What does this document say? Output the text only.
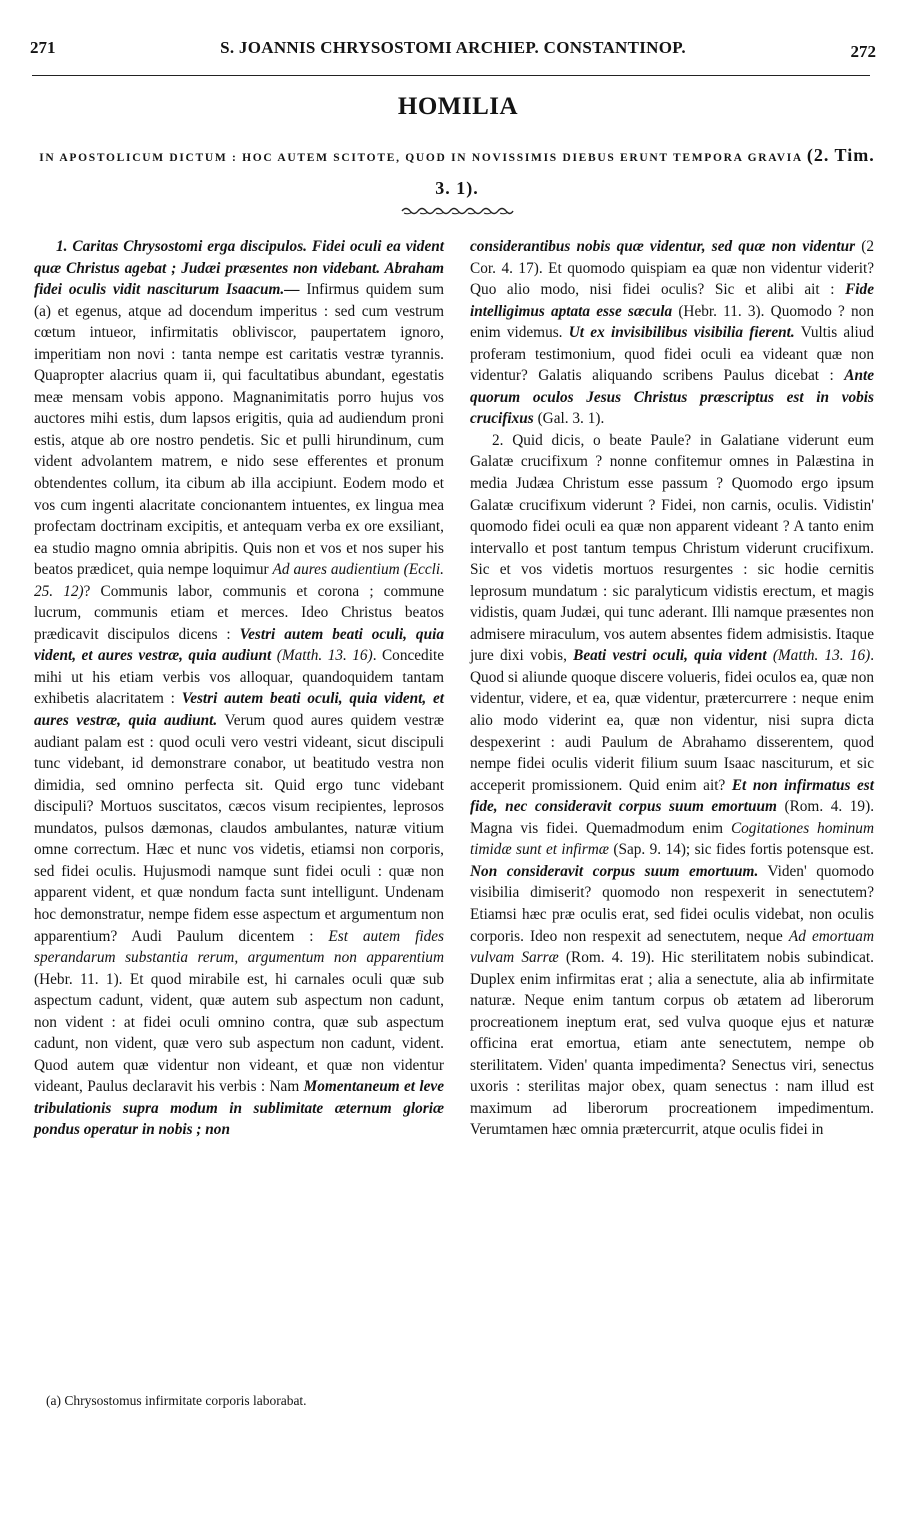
271	S. JOANNIS CHRYSOSTOMI ARCHIEP. CONSTANTINOP.	272
HOMILIA
IN APOSTOLICUM DICTUM : HOC AUTEM SCITOTE, QUOD IN NOVISSIMIS DIEBUS ERUNT TEMPORA GRAVIA (2. Tim. 3. 1).

1. Caritas Chrysostomi erga discipulos. Fidei oculi ea vident quæ Christus agebat ; Judæi præsentes non videbant. Abraham fidei oculis vidit nasciturum Isaacum.— Infirmus quidem sum (a) et egenus, atque ad docendum imperitus : sed cum vestrum cœtum intueor, infirmitatis obliviscor, paupertatem ignoro, imperitiam non novi : tanta nempe est caritatis vestræ tyrannis. Quapropter alacrius quam ii, qui facultatibus abundant, egestatis meæ mensam vobis appono. Magnanimitatis porro hujus vos auctores mihi estis, dum lapsos erigitis, quia ad audiendum proni estis, atque ab ore nostro pendetis. Sic et pulli hirundinum, cum vident advolantem matrem, e nido sese efferentes et pronum obtendentes collum, ita cibum ab illa accipiunt. Eodem modo et vos cum ingenti alacritate concionantem intuentes, ex lingua mea profectam doctrinam excipitis, et antequam verba ex ore exsiliant, ea studio magno omnia abripitis. Quis non et vos et nos super his beatos prædicet, quia nempe loquimur Ad aures audientium (Eccli. 25. 12)? Communis labor, communis et corona ; commune lucrum, communis etiam et merces. Ideo Christus beatos prædicavit discipulos dicens : Vestri autem beati oculi, quia vident, et aures vestræ, quia audiunt (Matth. 13. 16). Concedite mihi ut his etiam verbis vos alloquar, quandoquidem tantam exhibetis alacritatem : Vestri autem beati oculi, quia vident, et aures vestræ, quia audiunt. Verum quod aures quidem vestræ audiant palam est : quod oculi vero vestri videant, sicut discipuli tunc videbant, id demonstrare conabor, ut beatitudo vestra non dimidia, sed omnino perfecta sit. Quid ergo tunc videbant discipuli? Mortuos suscitatos, cæcos visum recipientes, leprosos mundatos, pulsos dæmonas, claudos ambulantes, naturæ vitium omne correctum. Hæc et nunc vos videtis, etiamsi non corporis, sed fidei oculis. Hujusmodi namque sunt fidei oculi : quæ non apparent vident, et quæ nondum facta sunt intelligunt. Undenam hoc demonstratur, nempe fidem esse aspectum et argumentum non apparentium? Audi Paulum dicentem : Est autem fides sperandarum substantia rerum, argumentum non apparentium (Hebr. 11. 1). Et quod mirabile est, hi carnales oculi quæ sub aspectum cadunt, vident, quæ autem sub aspectum non cadunt, non vident : at fidei oculi omnino contra, quæ sub aspectum cadunt, non vident, quæ vero sub aspectum non cadunt, vident. Quod autem quæ videntur non videant, et quæ non videntur videant, Paulus declaravit his verbis : Nam Momentaneum et leve tribulationis supra modum in sublimitate æternum gloriæ pondus operatur in nobis ; non

considerantibus nobis quæ videntur, sed quæ non videntur (2 Cor. 4. 17). Et quomodo quispiam ea quæ non videntur viderit? Quo alio modo, nisi fidei oculis? Sic et alibi ait : Fide intelligimus aptata esse sæcula (Hebr. 11. 3). Quomodo ? non enim videmus. Ut ex invisibilibus visibilia fierent. Vultis aliud proferam testimonium, quod fidei oculi ea videant quæ non videntur? Galatis aliquando scribens Paulus dicebat : Ante quorum oculos Jesus Christus præscriptus est in vobis crucifixus (Gal. 3. 1).

2. Quid dicis, o beate Paule? in Galatiane viderunt eum Galatæ crucifixum ? nonne confitemur omnes in Palæstina in media Judæa Christum esse passum ? Quomodo ergo ipsum Galatæ crucifixum viderunt ? Fidei, non carnis, oculis. Vidistin' quomodo fidei oculi ea quæ non apparent videant ? A tanto enim intervallo et post tantum tempus Christum viderunt crucifixum. Sic et vos videtis mortuos resurgentes : sic hodie cernitis leprosum mundatum : sic paralyticum vidistis erectum, et magis vidistis, quam Judæi, qui tunc aderant. Illi namque præsentes non admisere miraculum, vos autem absentes fidem admisistis. Itaque jure dixi vobis, Beati vestri oculi, quia vident (Matth. 13. 16). Quod si aliunde quoque discere volueris, fidei oculos ea, quæ non videntur, videre, et ea, quæ videntur, prætercurrere : neque enim alio modo viderint ea, quæ non videntur, nisi supra dicta despexerint : audi Paulum de Abrahamo disserentem, quod nempe fidei oculis viderit filium suum Isaac nasciturum, et sic acceperit promissionem. Quid enim ait? Et non infirmatus est fide, nec consideravit corpus suum emortuum (Rom. 4. 19). Magna vis fidei. Quemadmodum enim Cogitationes hominum timidæ sunt et infirmæ (Sap. 9. 14); sic fides fortis potensque est. Non consideravit corpus suum emortuum. Viden' quomodo visibilia dimiserit? quomodo non respexerit in senectutem? Etiamsi hæc præ oculis erat, sed fidei oculis videbat, non oculis corporis. Ideo non respexit ad senectutem, neque Ad emortuam vulvam Sarræ (Rom. 4. 19). Hic sterilitatem nobis subindicat. Duplex enim infirmitas erat ; alia a senectute, alia ab infirmitate naturæ. Neque enim tantum corpus ob ætatem ad liberorum procreationem ineptum erat, sed vulva quoque ejus et naturæ officina erat emortua, etiam ante senectutem, nempe ob sterilitatem. Viden' quanta impedimenta? Senectus viri, senectus uxoris : sterilitas major obex, quam senectus : nam illud est maximum ad liberorum procreationem impedimentum. Verumtamen hæc omnia prætercurrit, atque oculis fidei in

(a) Chrysostomus infirmitate corporis laborabat.
